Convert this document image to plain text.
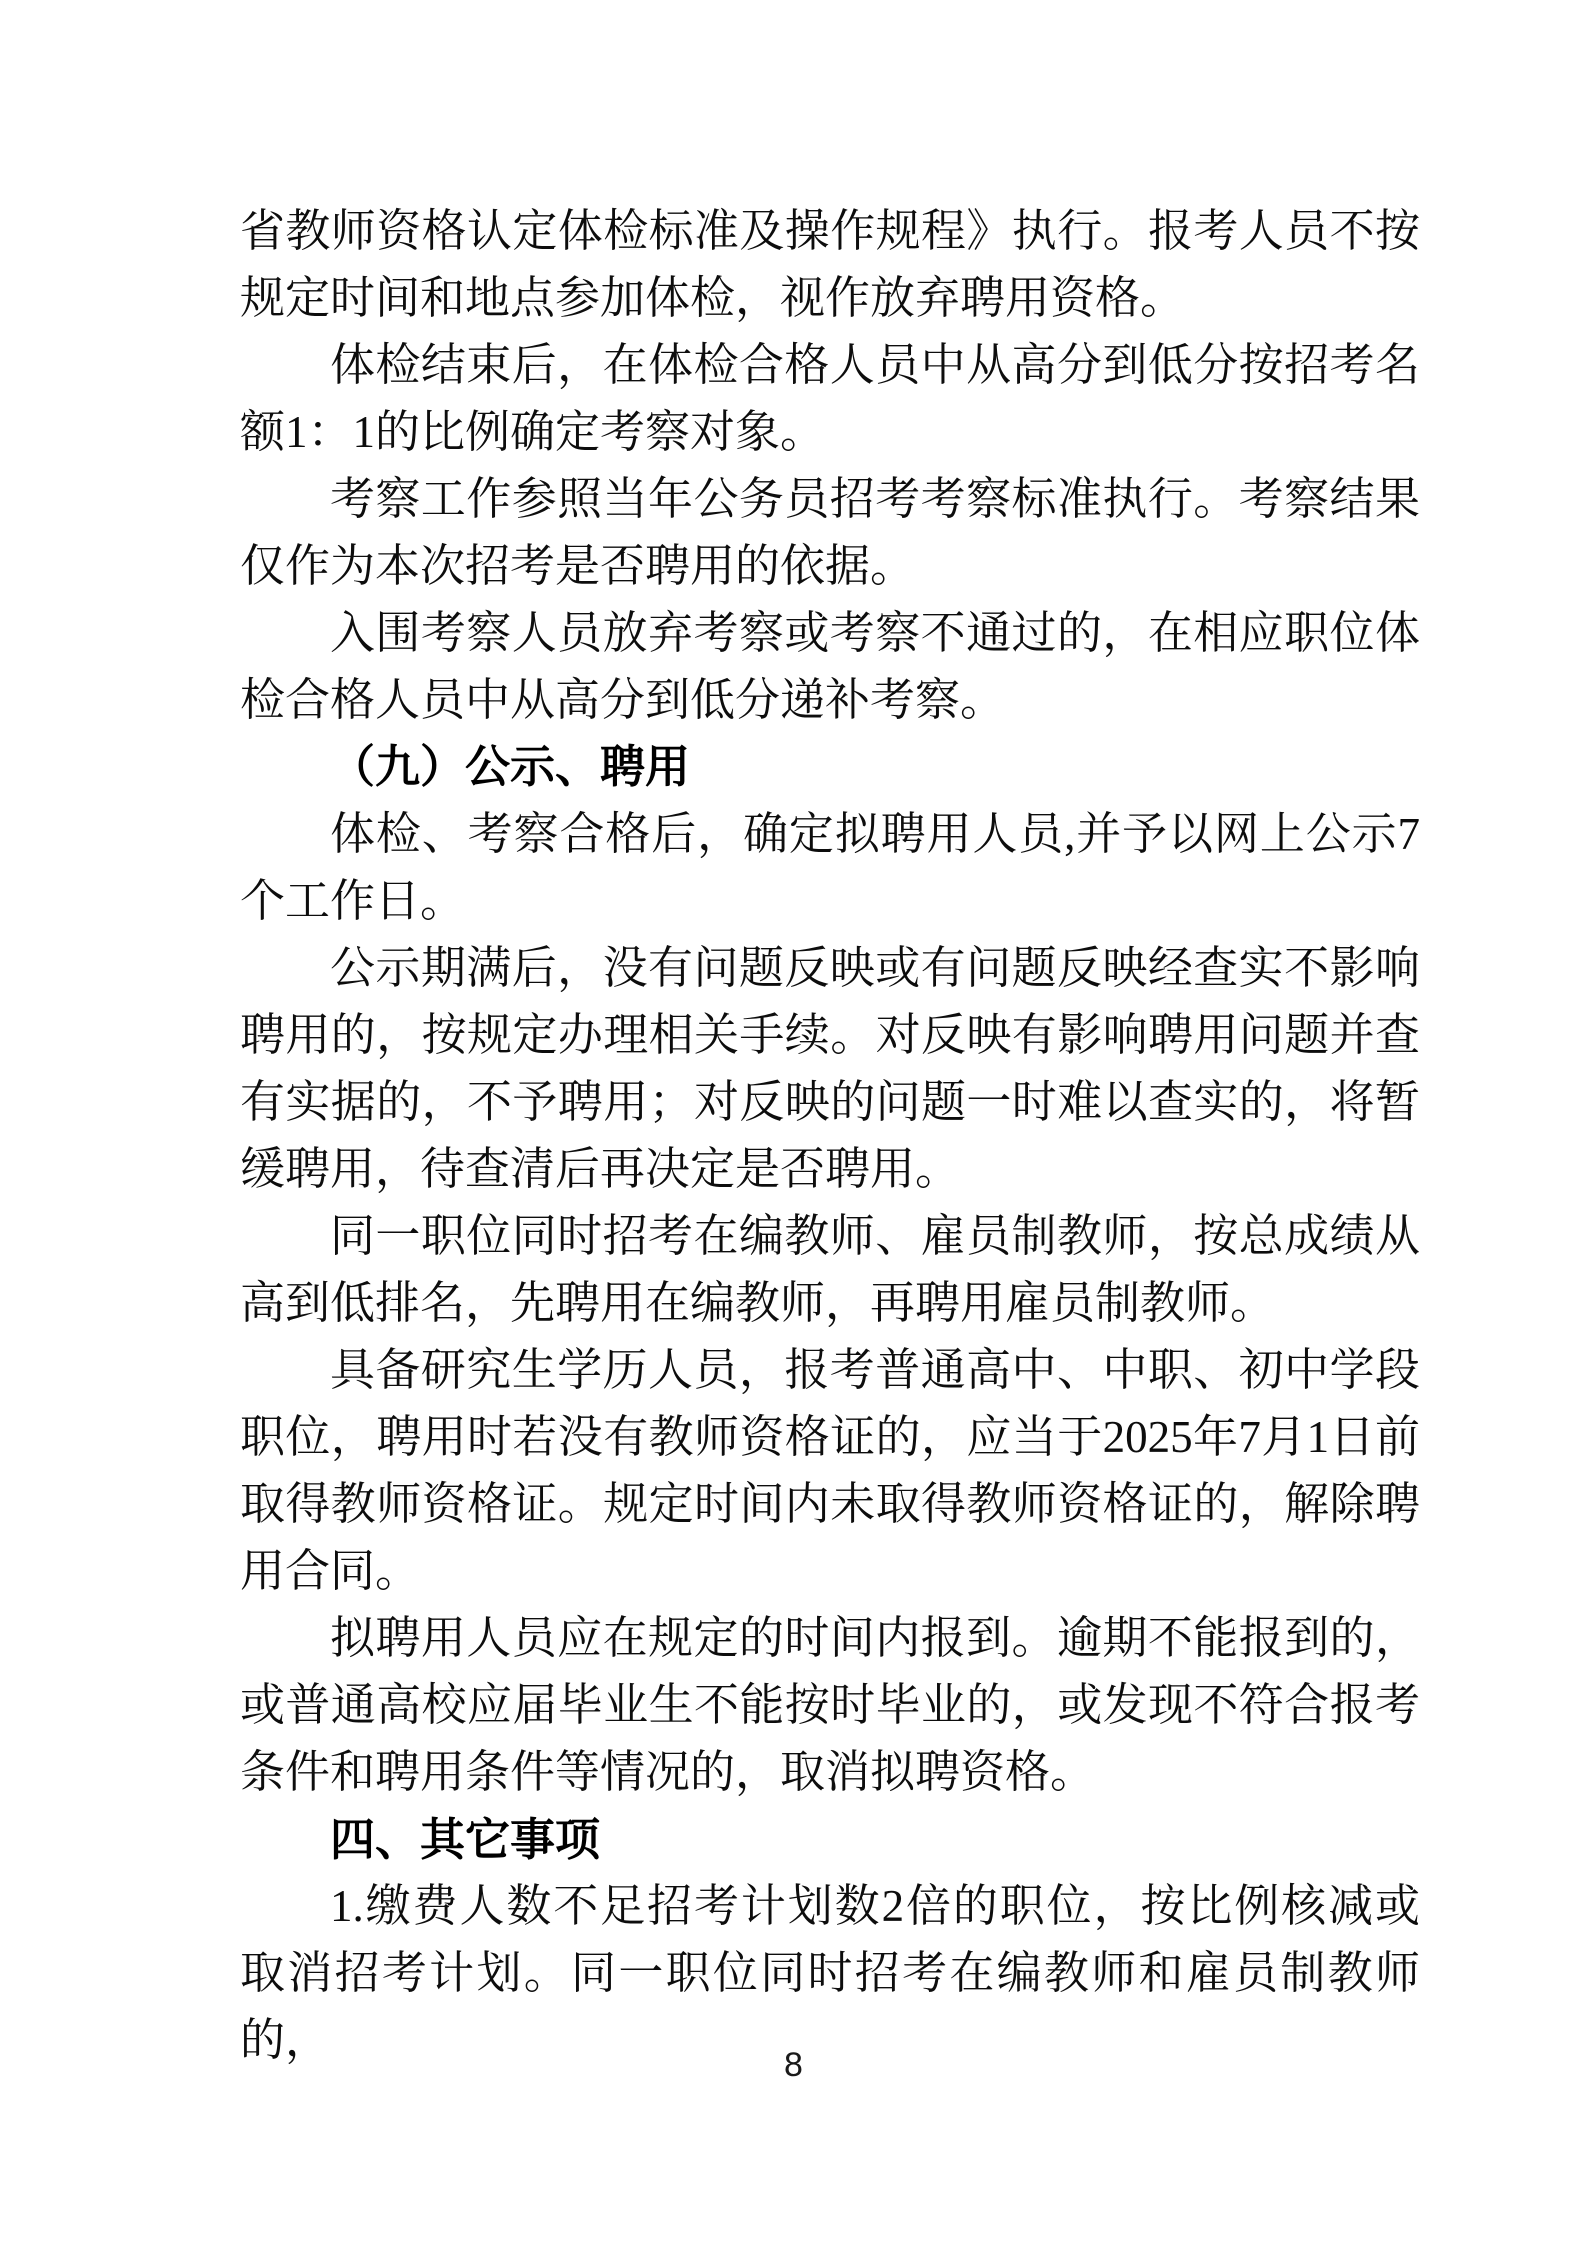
省教师资格认定体检标准及操作规程》执行。报考人员不按规定时间和地点参加体检，视作放弃聘用资格。

体检结束后，在体检合格人员中从高分到低分按招考名额1：1的比例确定考察对象。

考察工作参照当年公务员招考考察标准执行。考察结果仅作为本次招考是否聘用的依据。

入围考察人员放弃考察或考察不通过的，在相应职位体检合格人员中从高分到低分递补考察。

（九）公示、聘用

体检、考察合格后，确定拟聘用人员,并予以网上公示7个工作日。

公示期满后，没有问题反映或有问题反映经查实不影响聘用的，按规定办理相关手续。对反映有影响聘用问题并查有实据的，不予聘用；对反映的问题一时难以查实的，将暂缓聘用，待查清后再决定是否聘用。

同一职位同时招考在编教师、雇员制教师，按总成绩从高到低排名，先聘用在编教师，再聘用雇员制教师。

具备研究生学历人员，报考普通高中、中职、初中学段职位，聘用时若没有教师资格证的，应当于2025年7月1日前取得教师资格证。规定时间内未取得教师资格证的，解除聘用合同。

拟聘用人员应在规定的时间内报到。逾期不能报到的，或普通高校应届毕业生不能按时毕业的，或发现不符合报考条件和聘用条件等情况的，取消拟聘资格。

四、其它事项

1.缴费人数不足招考计划数2倍的职位，按比例核减或取消招考计划。同一职位同时招考在编教师和雇员制教师的，	8
